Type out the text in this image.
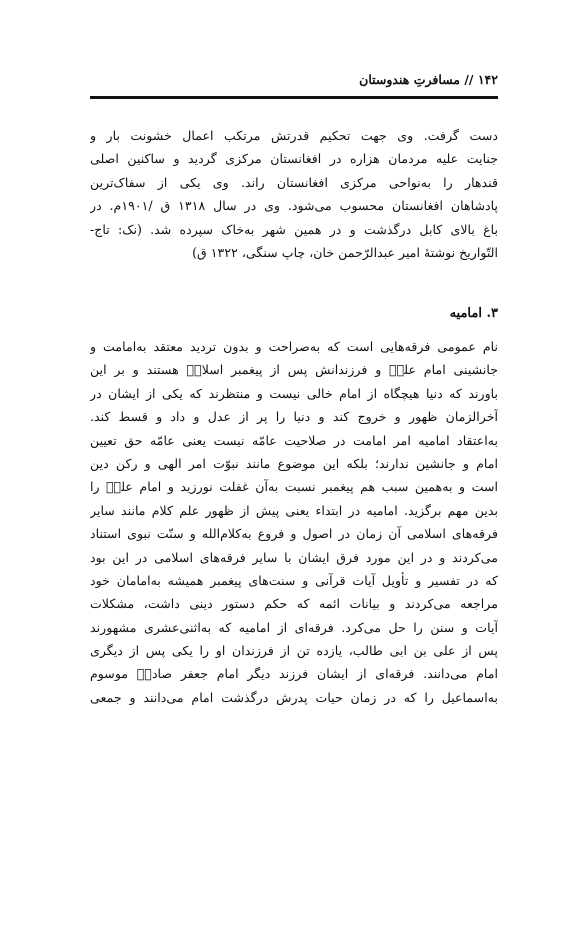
۱۴۲ // مسافرتِ هندوستان
دست گرفت. وی جهت تحکیم قدرتش مرتکب اعمال خشونت بار و
جنایت علیه مردمان هزاره در افغانستان مرکزی گردید و ساکنین اصلی
قندهار را به‌نواحی مرکزی افغانستان راند. وی یکی از سفاک‌ترین
پادشاهان افغانستان محسوب می‌شود. وی در سال ۱۳۱۸ ق /۱۹۰۱م. در
باغ بالای کابل درگذشت و در همین شهر به‌خاک سپرده شد. (نک: تاج-
التّواریخ نوشتهٔ امیر عبدالرّحمن خان، چاپ سنگی، ۱۳۲۲ ق)
۳. امامیه
نام عمومی فرقه‌هایی است که به‌صراحت و بدون تردید معتقد به‌امامت و
جانشینی امام علیؑ و فرزندانش پس از پیغمبر اسلامؐ هستند و بر این
باورند که دنیا هیچگاه از امام خالی نیست و منتظرند که یکی از ایشان در
آخرالزمان ظهور و خروج کند و دنیا را پر از عدل و داد و قسط کند.
به‌اعتقاد امامیه امر امامت در صلاحیت عامّه نیست یعنی عامّه حق تعیین
امام و جانشین ندارند؛ بلکه این موضوع مانند نبوّت امر الهی و رکن دین
است و به‌همین سبب هم پیغمبر نسبت به‌آن غفلت نورزید و امام علیؑ را
بدین مهم برگزید. امامیه در ابتداء یعنی پیش از ظهور علم کلام مانند سایر
فرقه‌های اسلامی آن زمان در اصول و فروع به‌کلام‌الله و سنّت نبوی استناد
می‌کردند و در این مورد فرق ایشان با سایر فرقه‌های اسلامی در این بود
که در تفسیر و تأویل آیات قرآنی و سنت‌های پیغمبر همیشه به‌امامان خود
مراجعه می‌کردند و بیانات ائمه که حکم دستور دینی داشت، مشکلات
آیات و سنن را حل می‌کرد. فرقه‌ای از امامیه که به‌اثنی‌عشری مشهورند
پس از علی بن ابی طالب، یازده تن از فرزندان او را یکی پس از دیگری
امام می‌دانند. فرقه‌ای از ایشان فرزند دیگر امام جعفر صادقؑ موسوم
به‌اسماعیل را که در زمان حیات پدرش درگذشت امام می‌دانند و جمعی
